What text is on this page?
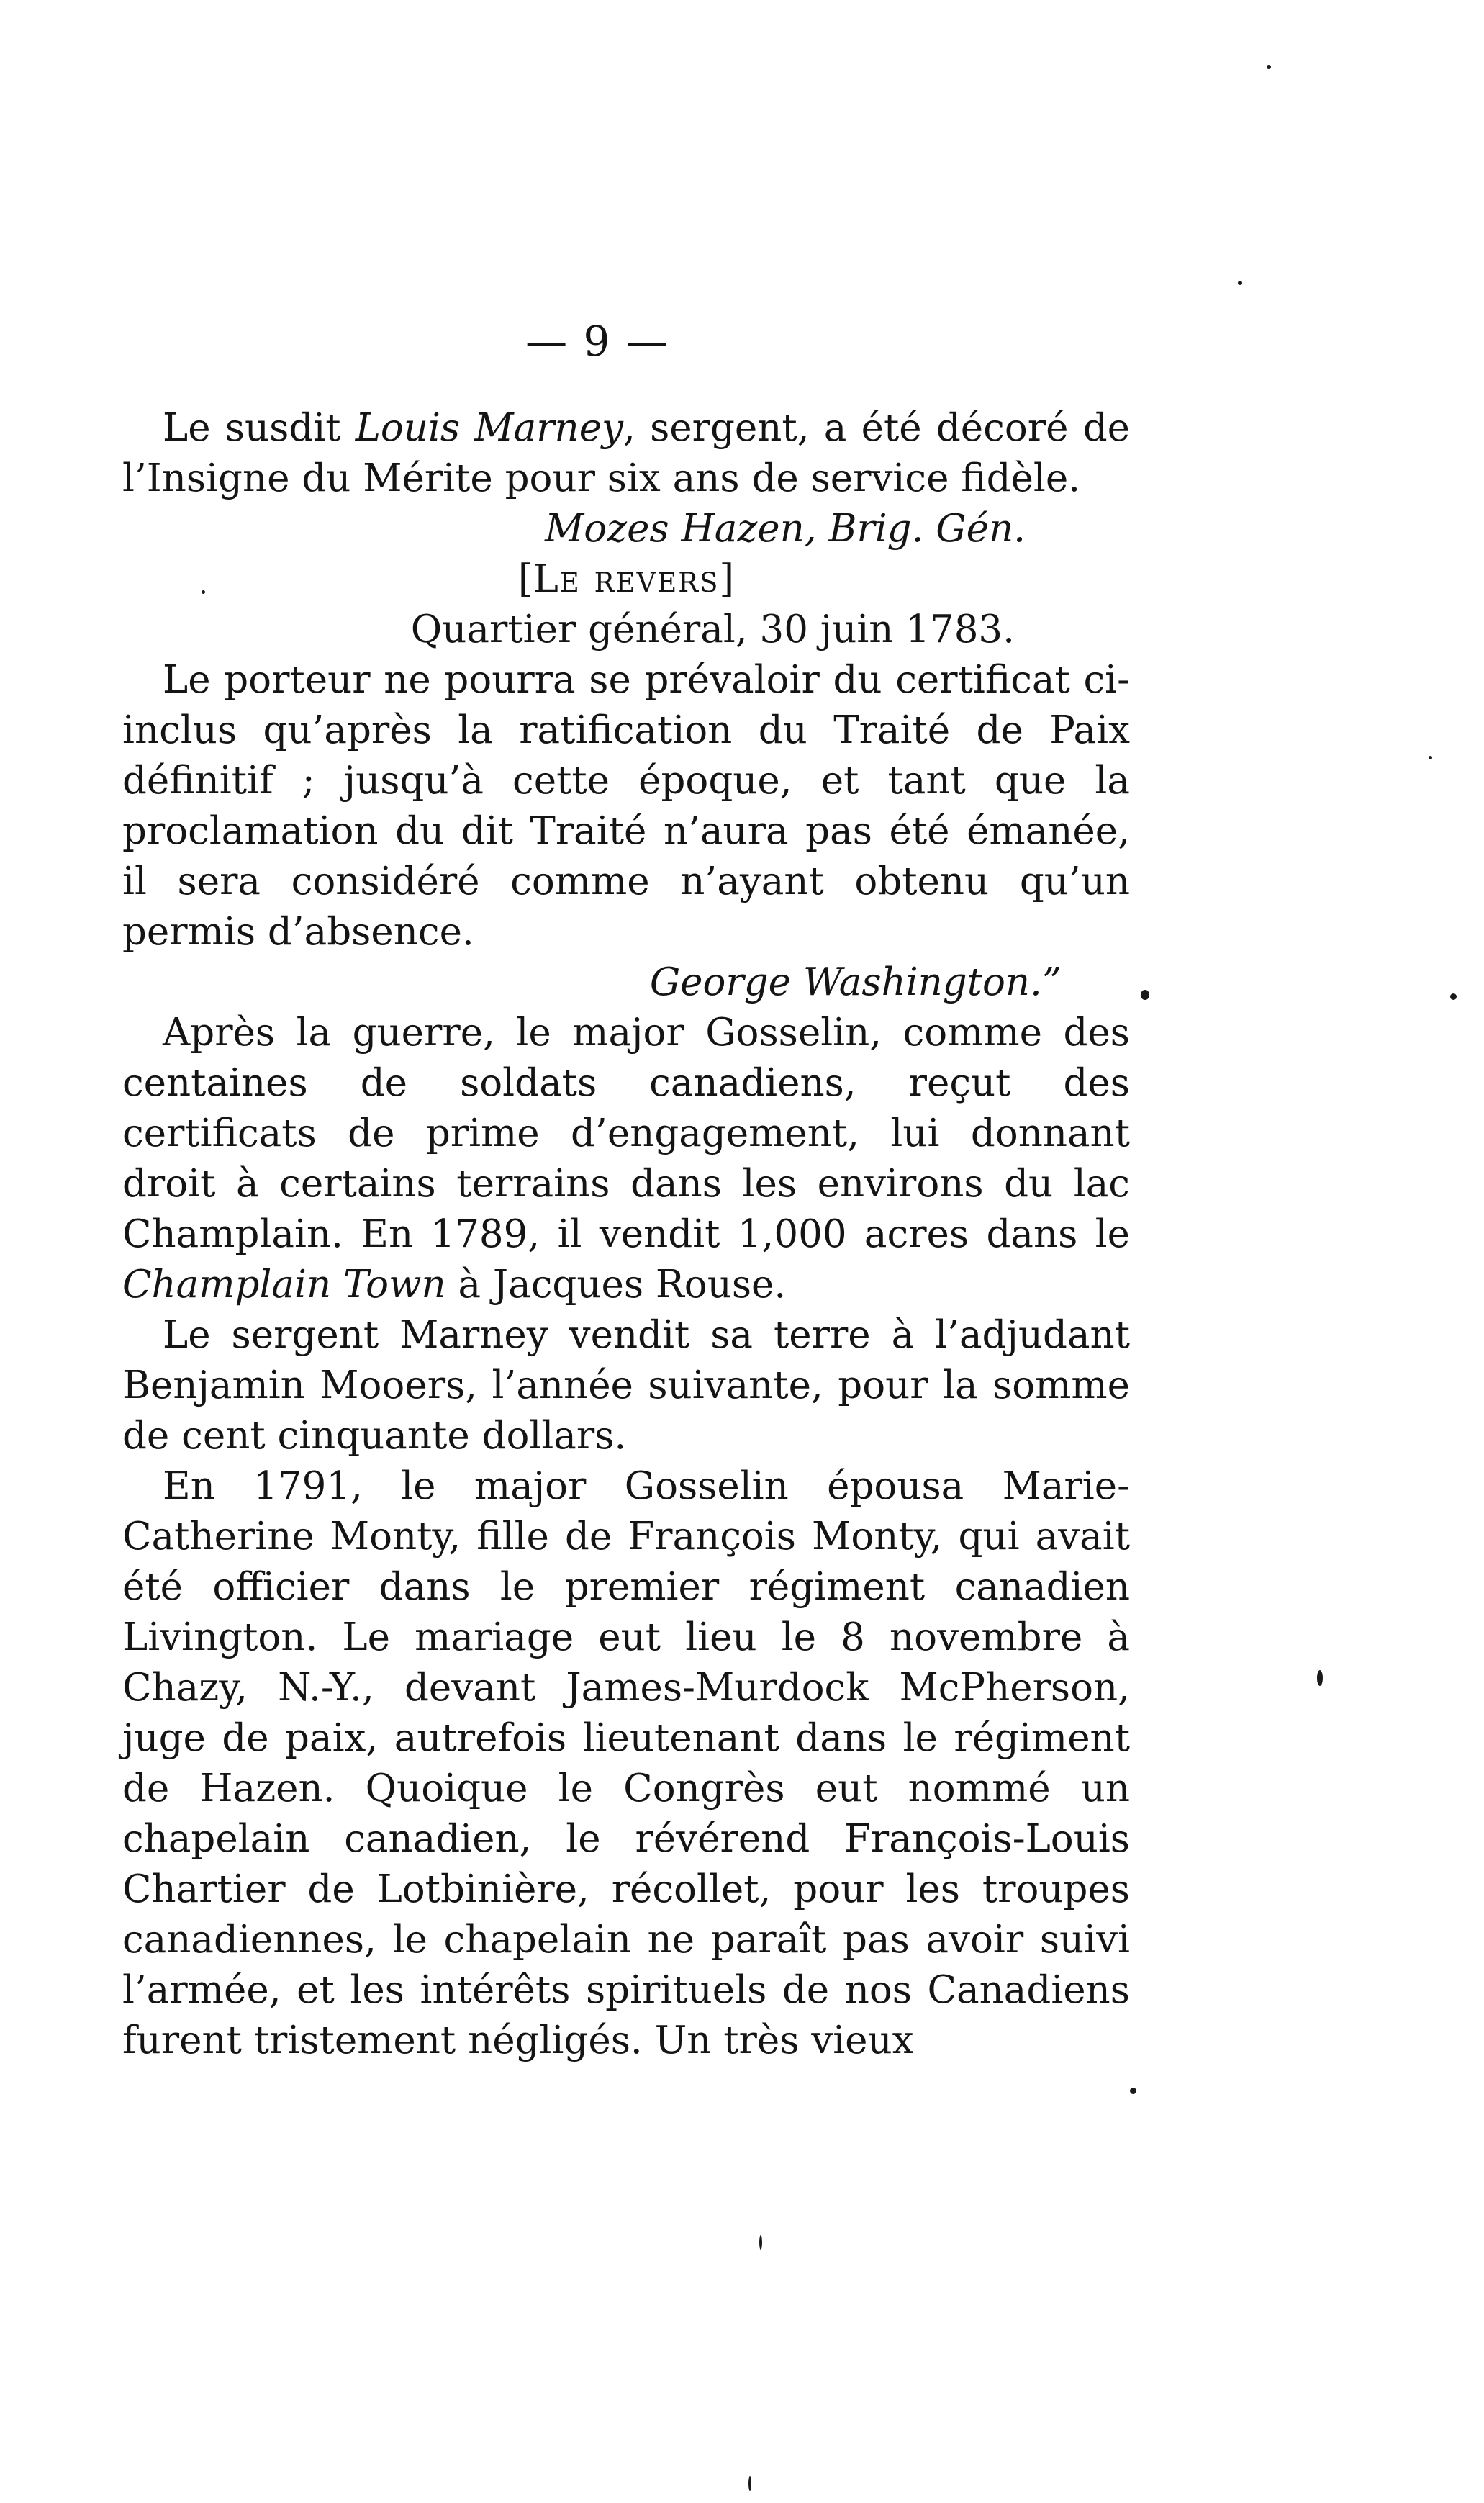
— 9 —

Le susdit Louis Marney, sergent, a été décoré de l’Insigne du Mérite pour six ans de service fidèle.

Mozes Hazen, Brig. Gén.

[Le revers]

Quartier général, 30 juin 1783.

Le porteur ne pourra se prévaloir du certificat ci-inclus qu’après la ratification du Traité de Paix définitif ; jusqu’à cette époque, et tant que la proclamation du dit Traité n’aura pas été émanée, il sera considéré comme n’ayant obtenu qu’un permis d’absence.

George Washington.”

Après la guerre, le major Gosselin, comme des centaines de soldats canadiens, reçut des certificats de prime d’engagement, lui donnant droit à certains terrains dans les environs du lac Champlain. En 1789, il vendit 1,000 acres dans le Champlain Town à Jacques Rouse.

Le sergent Marney vendit sa terre à l’adjudant Benjamin Mooers, l’année suivante, pour la somme de cent cinquante dollars.

En 1791, le major Gosselin épousa Marie-Catherine Monty, fille de François Monty, qui avait été officier dans le premier régiment canadien Livington. Le mariage eut lieu le 8 novembre à Chazy, N.-Y., devant James-Murdock McPherson, juge de paix, autrefois lieutenant dans le régiment de Hazen. Quoique le Congrès eut nommé un chapelain canadien, le révérend François-Louis Chartier de Lotbinière, récollet, pour les troupes canadiennes, le chapelain ne paraît pas avoir suivi l’armée, et les intérêts spirituels de nos Canadiens furent tristement négligés. Un très vieux
